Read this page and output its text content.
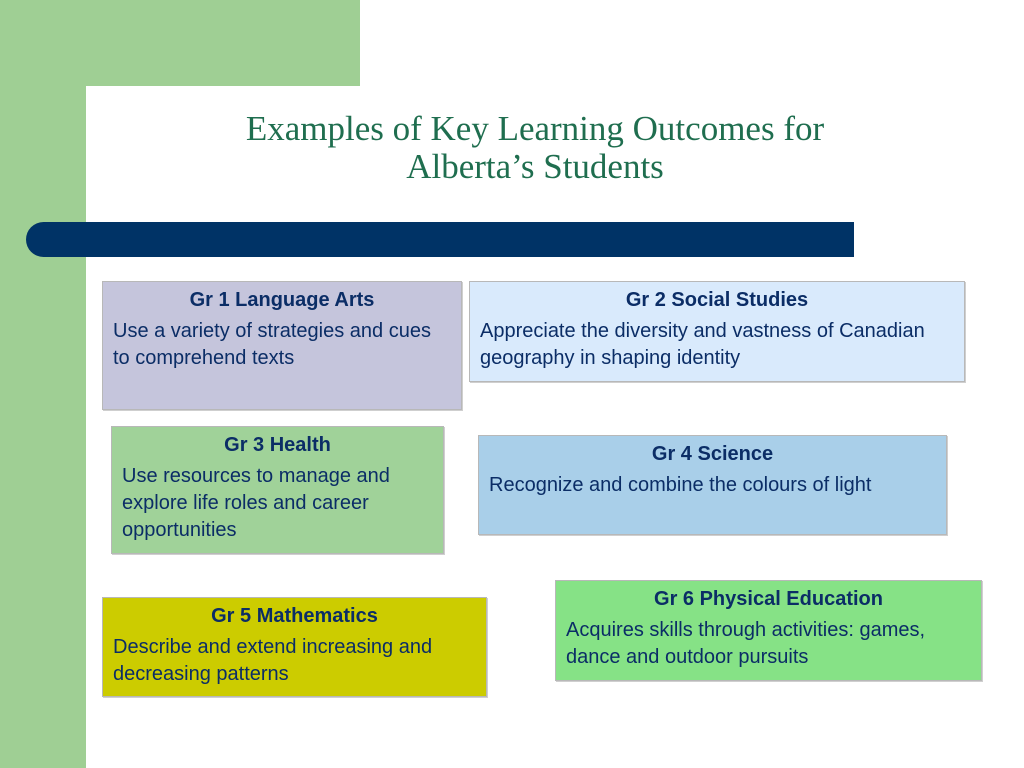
Examples of Key Learning Outcomes for
Alberta’s Students
Gr 1 Language Arts
Use a variety of strategies and cues to comprehend texts
Gr 2 Social Studies
Appreciate the diversity and vastness of Canadian geography in shaping identity
Gr 3 Health
Use resources to manage and explore life roles and career opportunities
Gr 4 Science
Recognize and combine the colours of light
Gr 5 Mathematics
Describe and extend increasing and decreasing patterns
Gr 6 Physical Education
Acquires skills through activities: games, dance and outdoor pursuits
